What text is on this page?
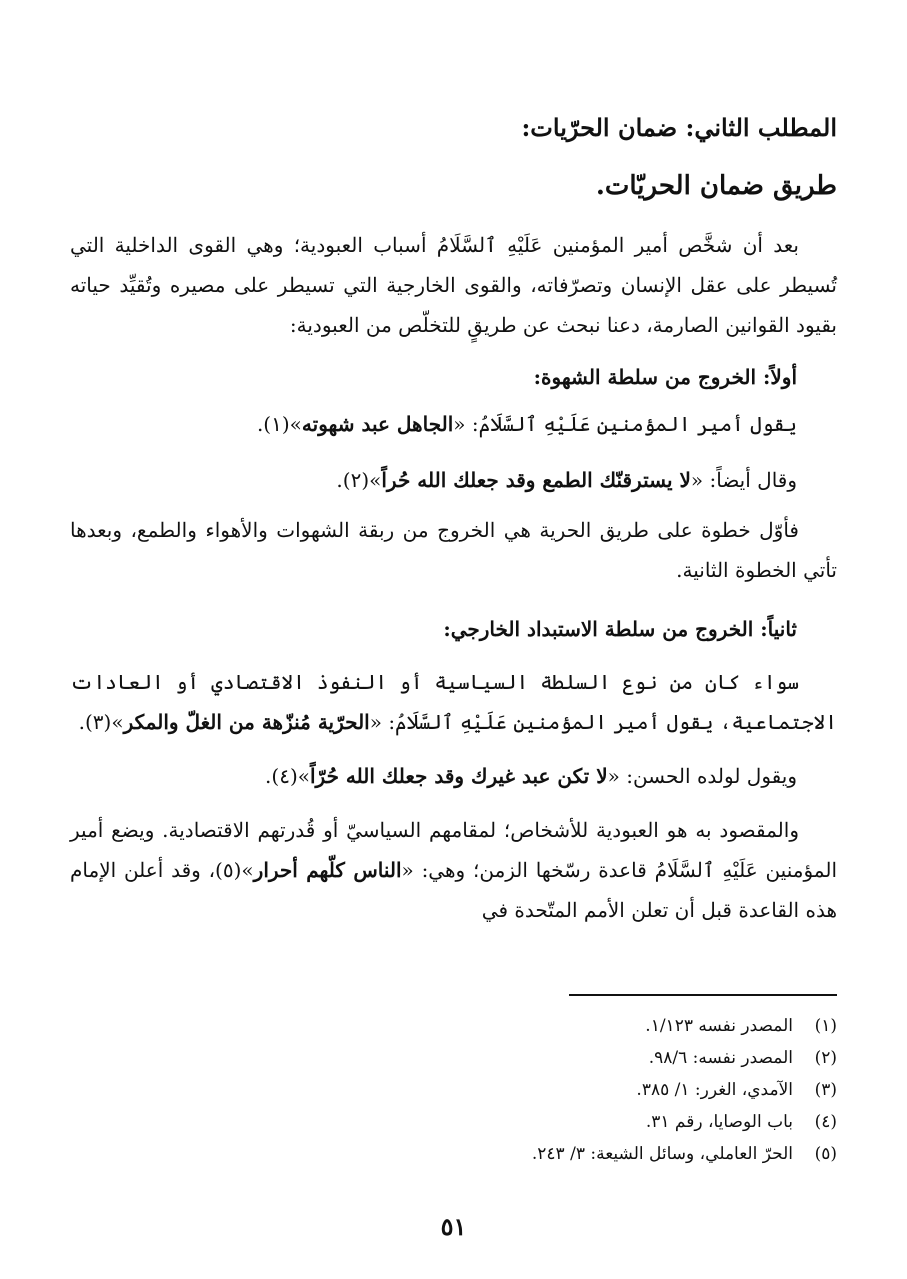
المطلب الثاني: ضمان الحرّيات:
طريق ضمان الحريّات.
بعد أن شخَّص أمير المؤمنين عَلَيْهِ ٱلسَّلَامُ أسباب العبودية؛ وهي القوى الداخلية التي تُسيطر على عقل الإنسان وتصرّفاته، والقوى الخارجية التي تسيطر على مصيره وتُقيِّد حياته بقيود القوانين الصارمة، دعنا نبحث عن طريقٍ للتخلّص من العبودية:
أولاً: الخروج من سلطة الشهوة:
يقول أمير المؤمنين عَلَيْهِ ٱلسَّلَامُ: «الجاهل عبد شهوته»(١).
وقال أيضاً: «لا يسترقنّك الطمع وقد جعلك الله حُراً»(٢).
فأوّل خطوة على طريق الحرية هي الخروج من ربقة الشهوات والأهواء والطمع، وبعدها تأتي الخطوة الثانية.
ثانياً: الخروج من سلطة الاستبداد الخارجي:
سواء كان من نوع السلطة السياسية أو النفوذ الاقتصادي أو العادات الاجتماعية، يقول أمير المؤمنين عَلَيْهِ ٱلسَّلَامُ: «الحرّية مُنزّهة من الغلّ والمكر»(٣).
ويقول لولده الحسن: «لا تكن عبد غيرك وقد جعلك الله حُرّاً»(٤).
والمقصود به هو العبودية للأشخاص؛ لمقامهم السياسيّ أو قُدرتهم الاقتصادية. ويضع أمير المؤمنين عَلَيْهِ ٱلسَّلَامُ قاعدة رسّخها الزمن؛ وهي: «الناس كلّهم أحرار»(٥)، وقد أعلن الإمام هذه القاعدة قبل أن تعلن الأمم المتّحدة في
(١)المصدر نفسه ١/١٢٣.
(٢)المصدر نفسه: ٩٨/٦.
(٣)الآمدي، الغرر: ١/ ٣٨٥.
(٤)باب الوصايا، رقم ٣١.
(٥)الحرّ العاملي، وسائل الشيعة: ٣/ ٢٤٣.
٥١
